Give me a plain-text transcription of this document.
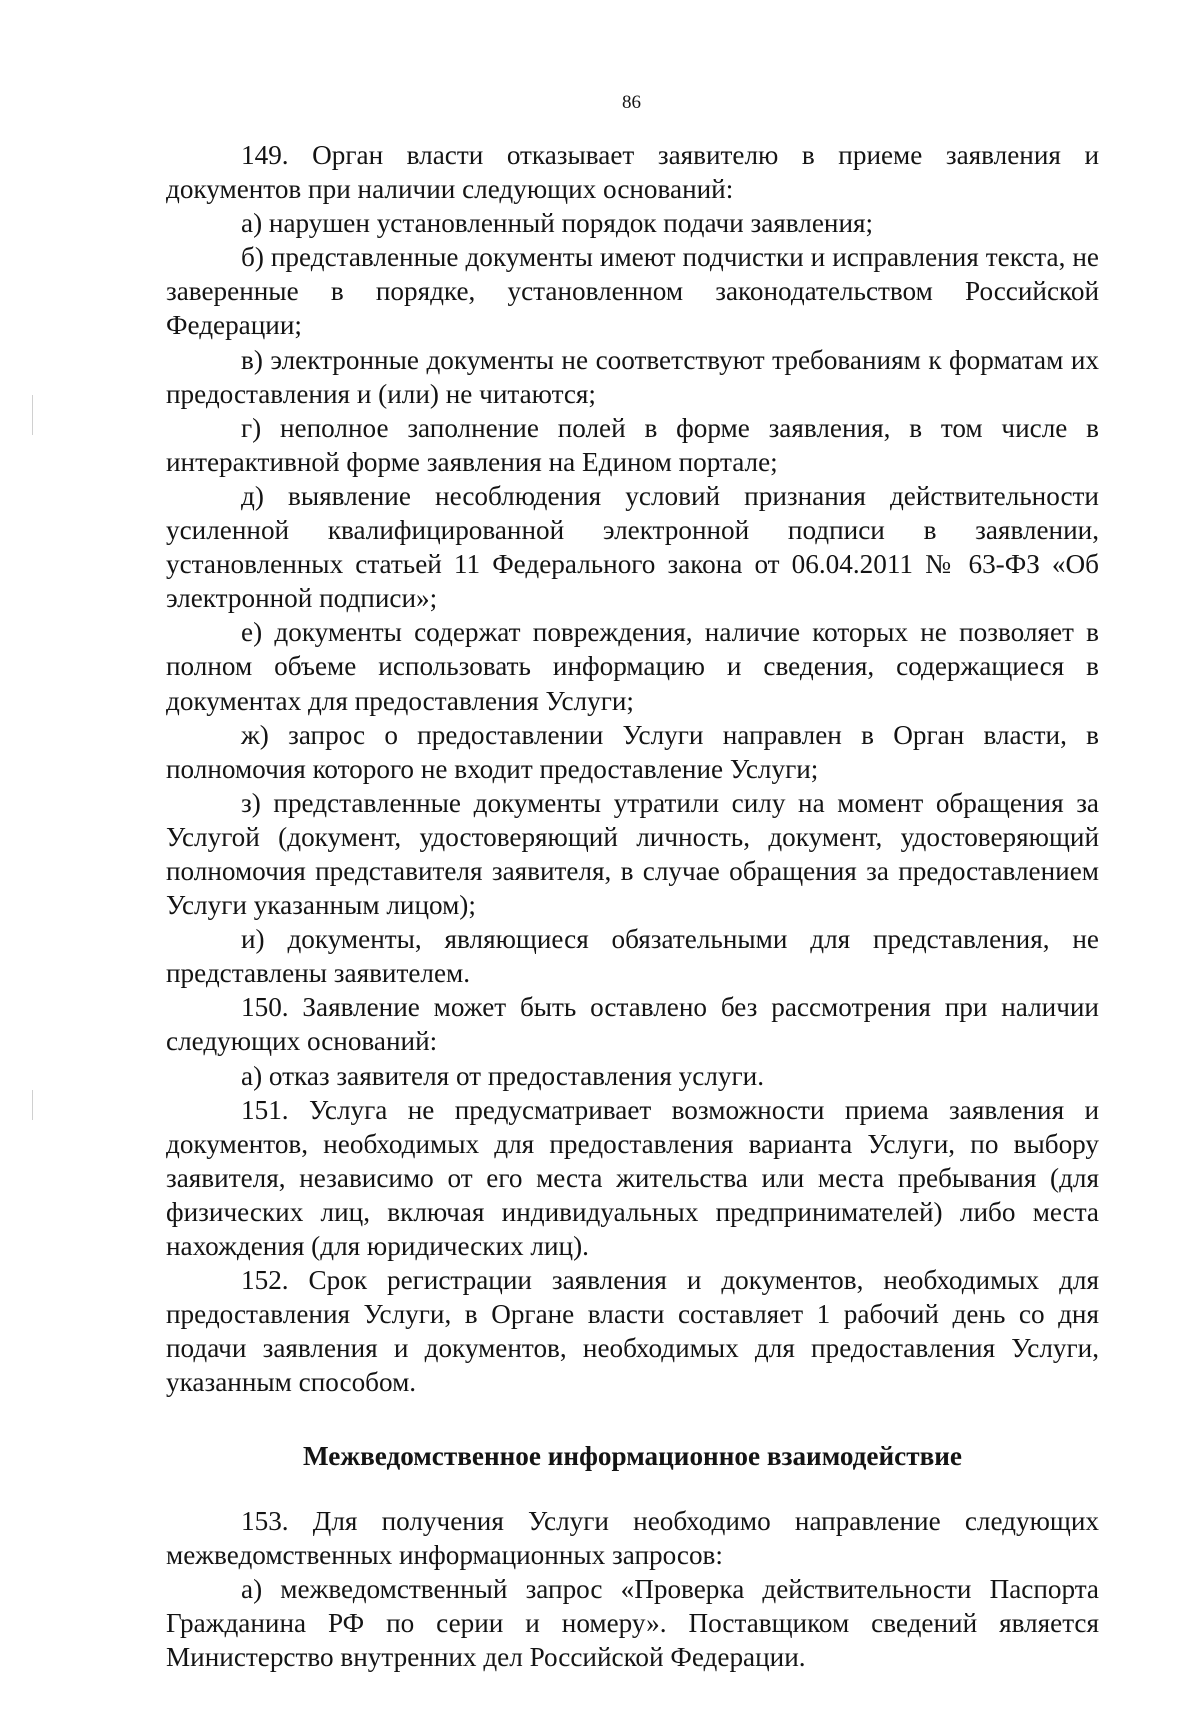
86

149. Орган власти отказывает заявителю в приеме заявления и документов при наличии следующих оснований:

а) нарушен установленный порядок подачи заявления;

б) представленные документы имеют подчистки и исправления текста, не заверенные в порядке, установленном законодательством Российской Федерации;

в) электронные документы не соответствуют требованиям к форматам их предоставления и (или) не читаются;

г) неполное заполнение полей в форме заявления, в том числе в интерактивной форме заявления на Едином портале;

д) выявление несоблюдения условий признания действительности усиленной квалифицированной электронной подписи в заявлении, установленных статьей 11 Федерального закона от 06.04.2011 № 63-ФЗ «Об электронной подписи»;

е) документы содержат повреждения, наличие которых не позволяет в полном объеме использовать информацию и сведения, содержащиеся в документах для предоставления Услуги;

ж) запрос о предоставлении Услуги направлен в Орган власти, в полномочия которого не входит предоставление Услуги;

з) представленные документы утратили силу на момент обращения за Услугой (документ, удостоверяющий личность, документ, удостоверяющий полномочия представителя заявителя, в случае обращения за предоставлением Услуги указанным лицом);

и) документы, являющиеся обязательными для представления, не представлены заявителем.

150. Заявление может быть оставлено без рассмотрения при наличии следующих оснований:

а) отказ заявителя от предоставления услуги.

151. Услуга не предусматривает возможности приема заявления и документов, необходимых для предоставления варианта Услуги, по выбору заявителя, независимо от его места жительства или места пребывания (для физических лиц, включая индивидуальных предпринимателей) либо места нахождения (для юридических лиц).

152. Срок регистрации заявления и документов, необходимых для предоставления Услуги, в Органе власти составляет 1 рабочий день со дня подачи заявления и документов, необходимых для предоставления Услуги, указанным способом.

Межведомственное информационное взаимодействие

153. Для получения Услуги необходимо направление следующих межведомственных информационных запросов:

а) межведомственный запрос «Проверка действительности Паспорта Гражданина РФ по серии и номеру». Поставщиком сведений является Министерство внутренних дел Российской Федерации.
